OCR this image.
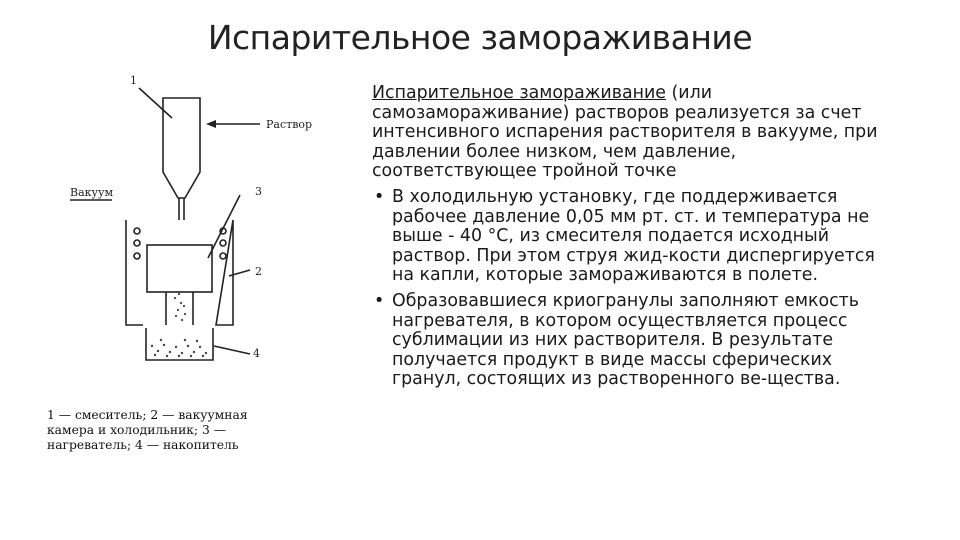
Испарительное замораживание
1
Раствор
Вакуум	3
2
4
1 — смеситель; 2 — вакуумная камера и холодильник; 3 — нагреватель; 4 — накопитель

Испарительное замораживание (или самозамораживание) растворов реализуется за счет интенсивного испарения растворителя в вакууме, при давлении более низком, чем давление, соответствующее тройной точке

• В холодильную установку, где поддерживается рабочее давление 0,05 мм рт. ст. и температура не выше - 40 °С, из смесителя подается исходный раствор. При этом струя жид-кости диспергируется на капли, которые замораживаются в полете.
• Образовавшиеся криогранулы заполняют емкость нагревателя, в котором осуществляется процесс сублимации из них растворителя. В результате получается продукт в виде массы сферических гранул, состоящих из растворенного ве-щества.
